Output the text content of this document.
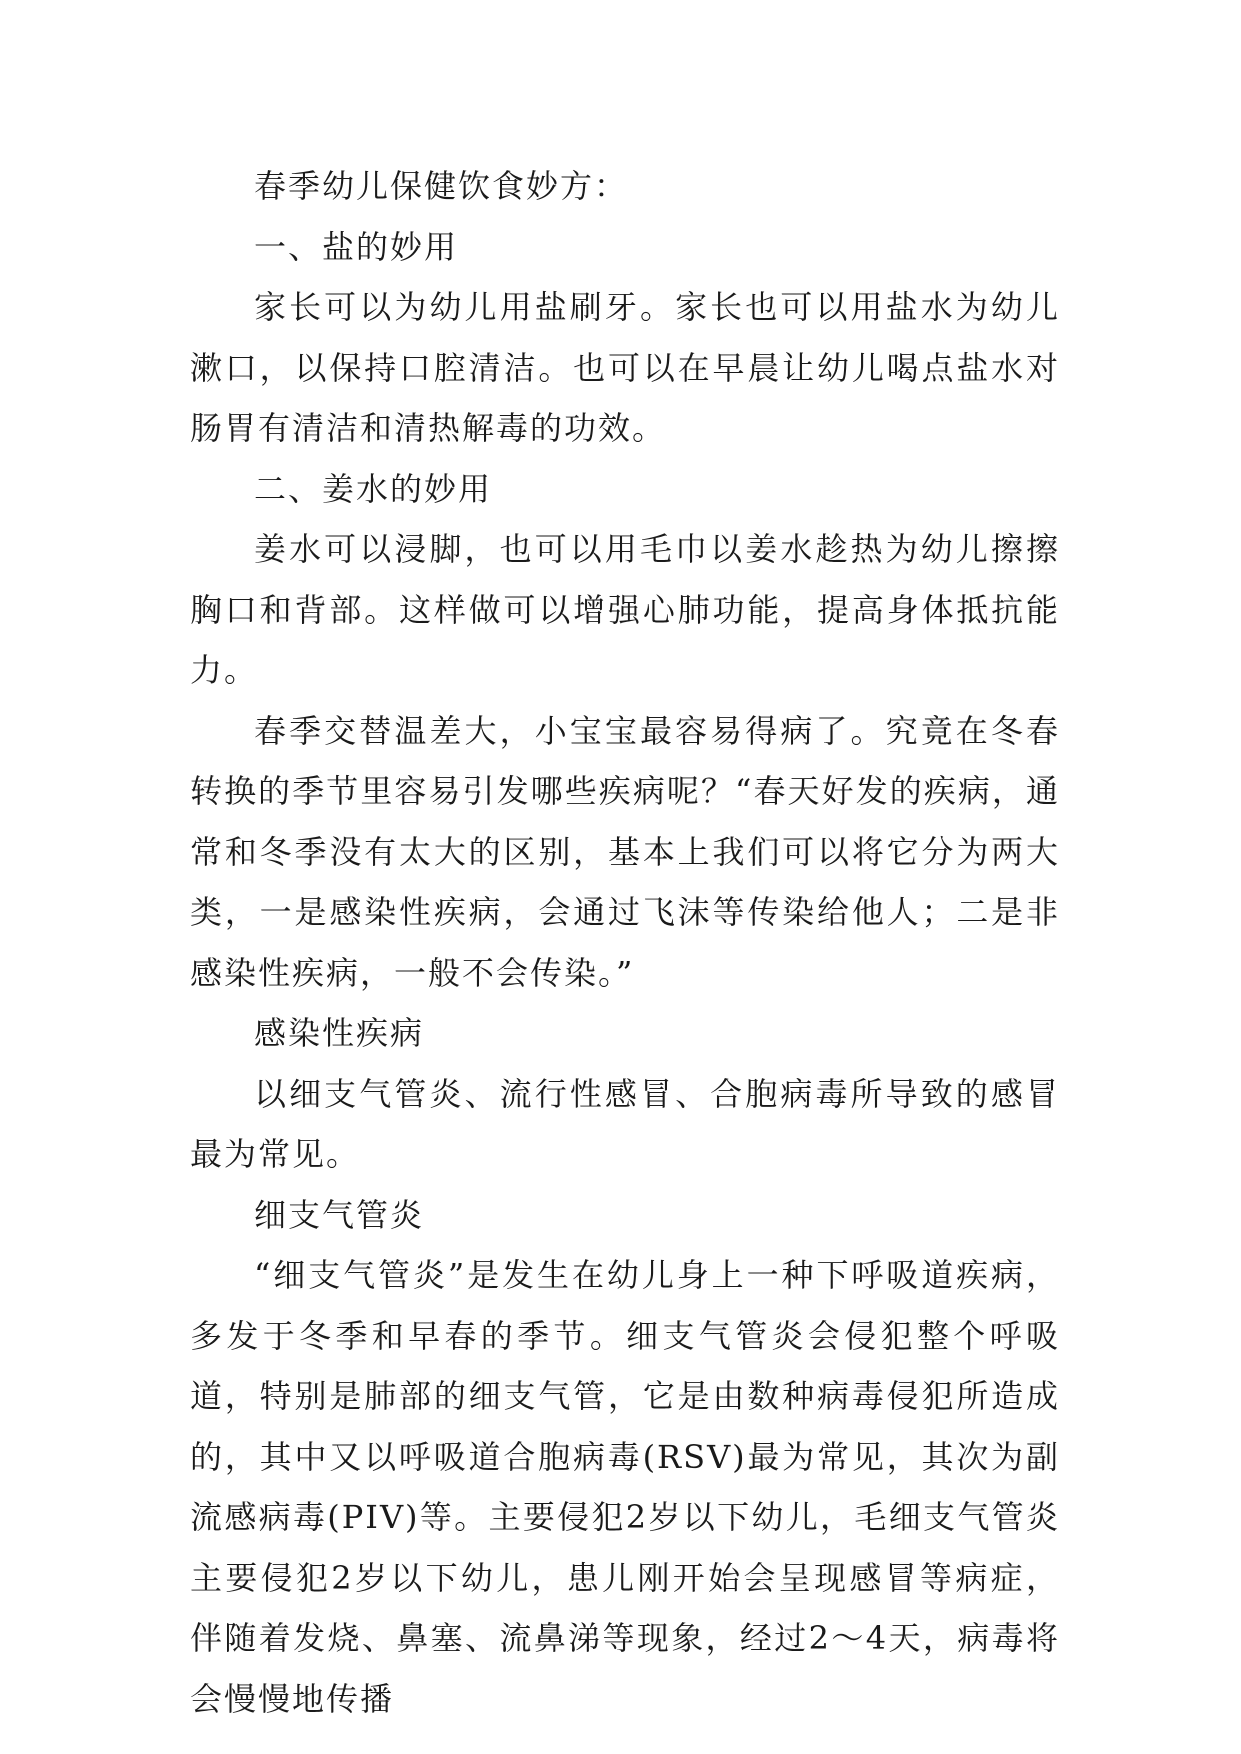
春季幼儿保健饮食妙方：

一、盐的妙用

家长可以为幼儿用盐刷牙。家长也可以用盐水为幼儿漱口，以保持口腔清洁。也可以在早晨让幼儿喝点盐水对肠胃有清洁和清热解毒的功效。

二、姜水的妙用

姜水可以浸脚，也可以用毛巾以姜水趁热为幼儿擦擦胸口和背部。这样做可以增强心肺功能，提高身体抵抗能力。

春季交替温差大，小宝宝最容易得病了。究竟在冬春转换的季节里容易引发哪些疾病呢？“春天好发的疾病，通常和冬季没有太大的区别，基本上我们可以将它分为两大类，一是感染性疾病，会通过飞沫等传染给他人；二是非感染性疾病，一般不会传染。”

感染性疾病

以细支气管炎、流行性感冒、合胞病毒所导致的感冒最为常见。

细支气管炎

“细支气管炎”是发生在幼儿身上一种下呼吸道疾病，多发于冬季和早春的季节。细支气管炎会侵犯整个呼吸道，特别是肺部的细支气管，它是由数种病毒侵犯所造成的，其中又以呼吸道合胞病毒(RSV)最为常见，其次为副流感病毒(PIV)等。主要侵犯2岁以下幼儿，毛细支气管炎主要侵犯2岁以下幼儿，患儿刚开始会呈现感冒等病症，伴随着发烧、鼻塞、流鼻涕等现象，经过2～4天，病毒将会慢慢地传播
